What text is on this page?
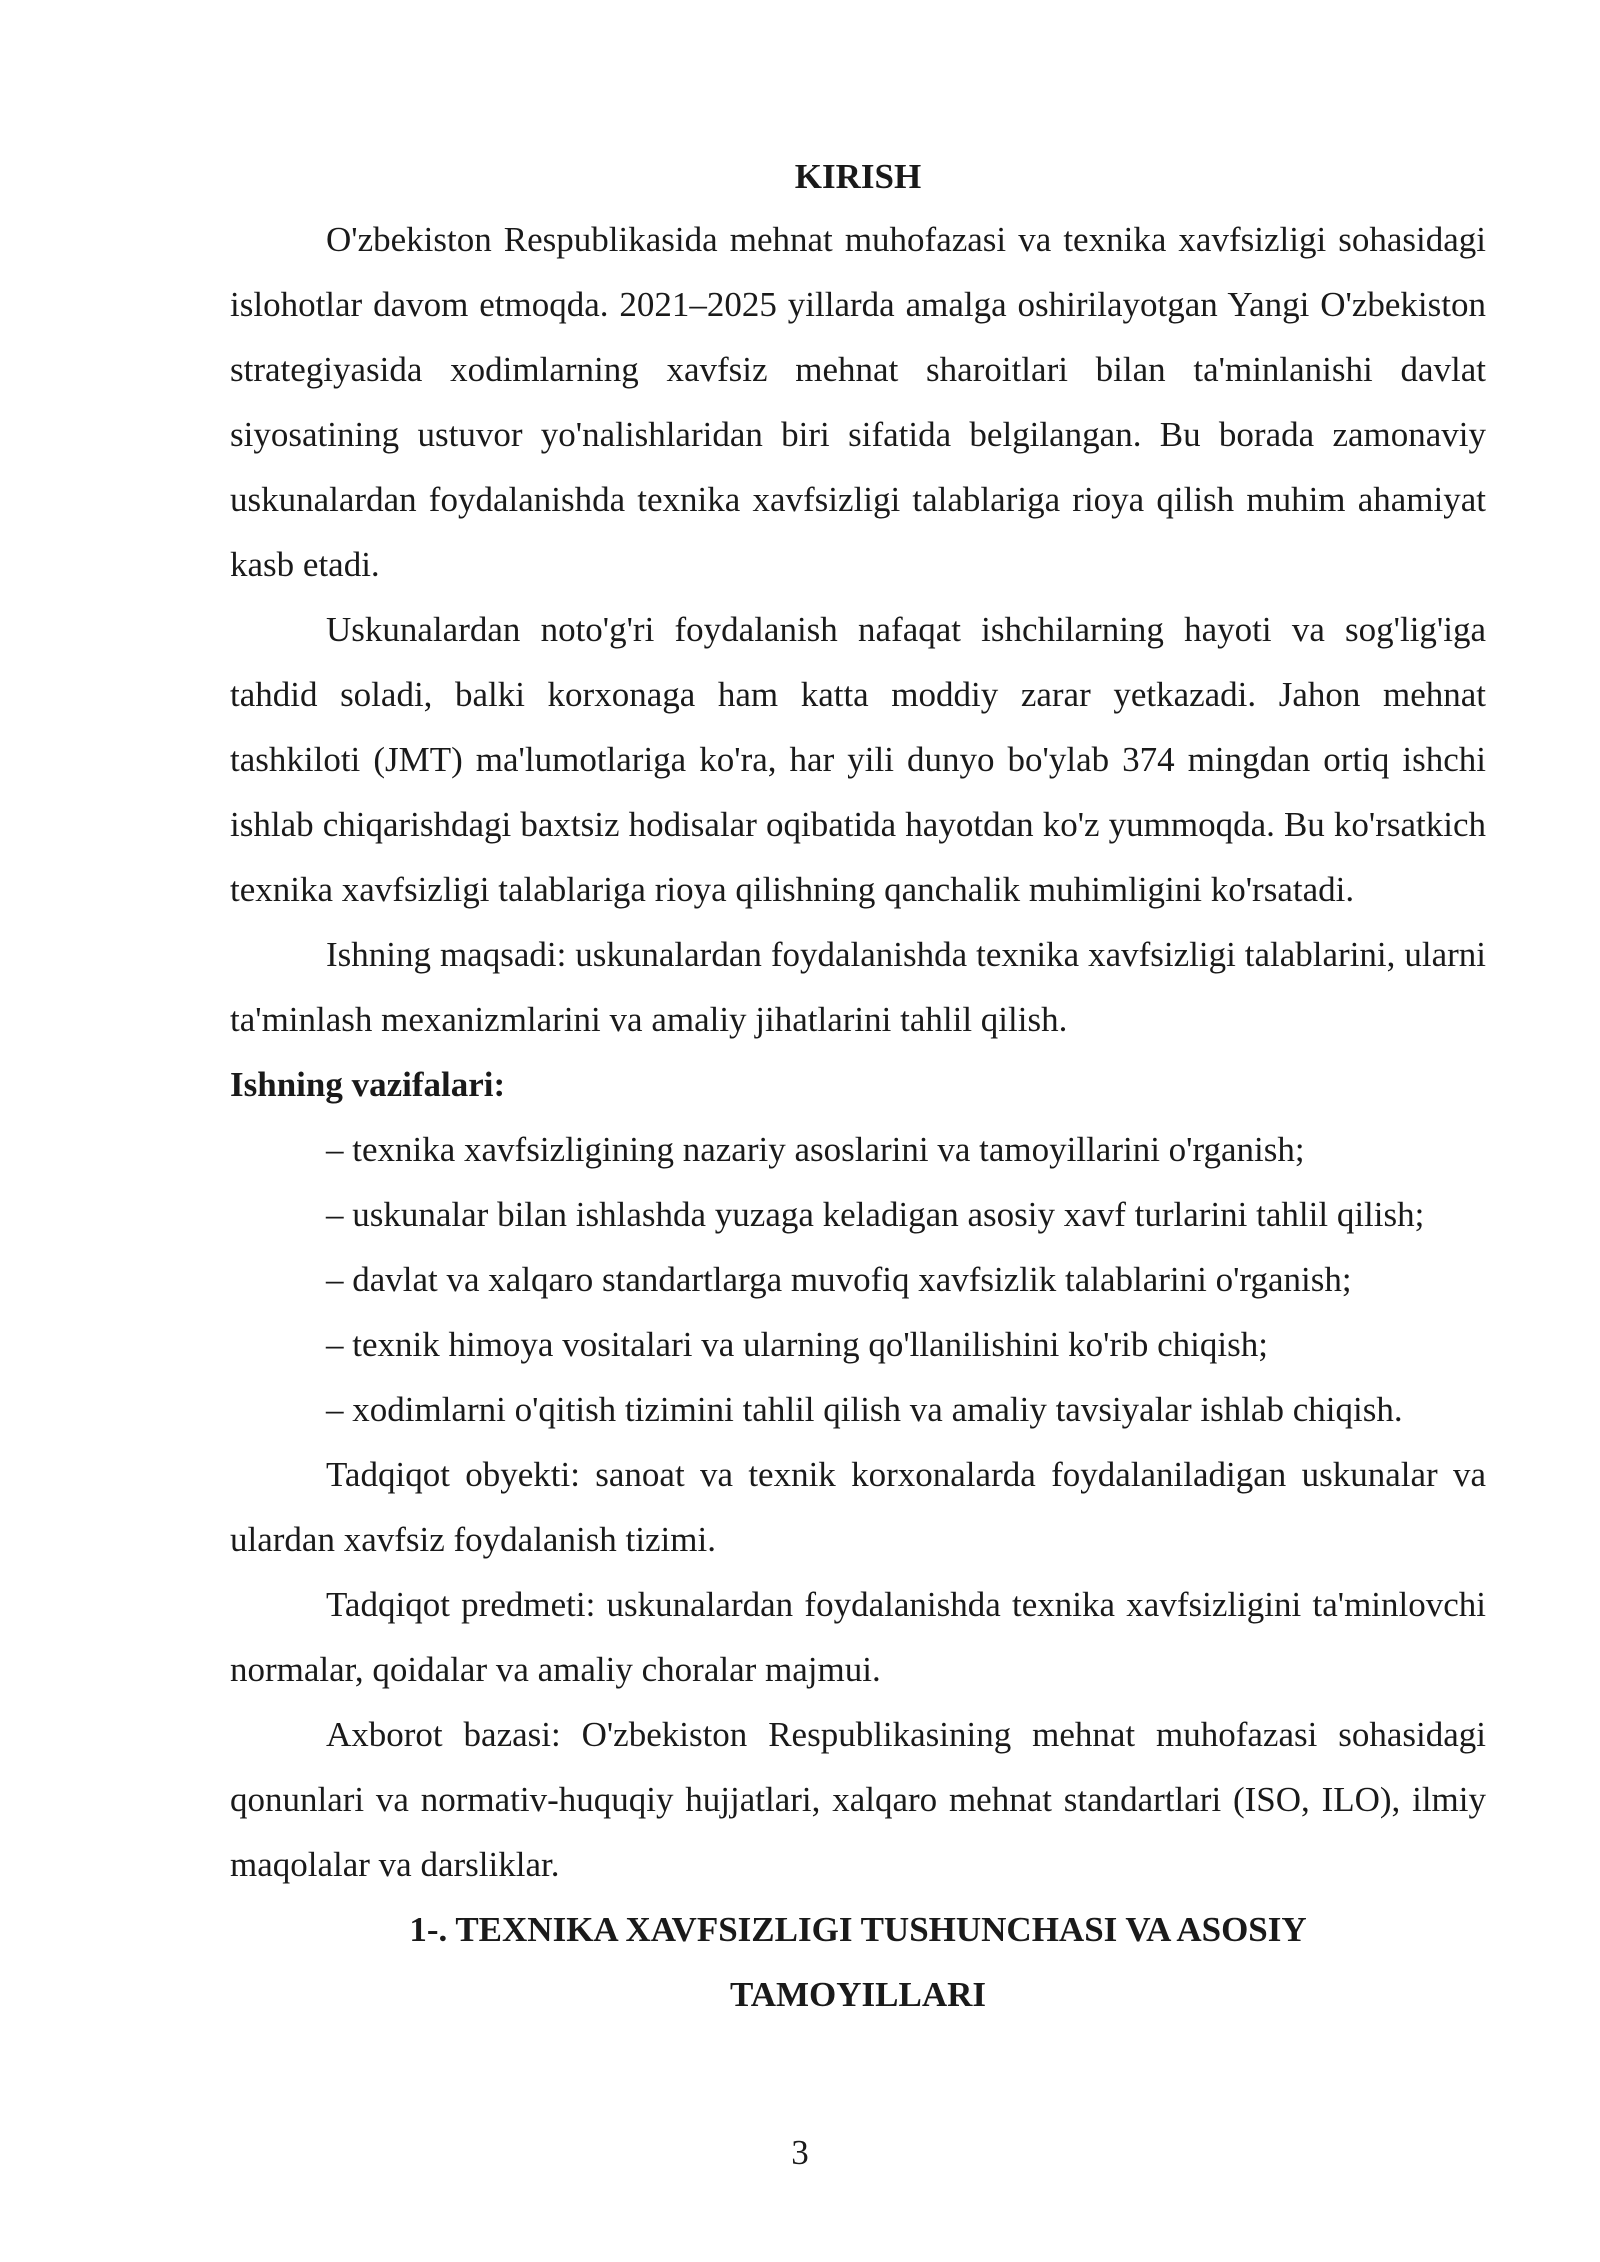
KIRISH

O'zbekiston Respublikasida mehnat muhofazasi va texnika xavfsizligi sohasidagi islohotlar davom etmoqda. 2021–2025 yillarda amalga oshirilayotgan Yangi O'zbekiston strategiyasida xodimlarning xavfsiz mehnat sharoitlari bilan ta'minlanishi davlat siyosatining ustuvor yo'nalishlaridan biri sifatida belgilangan. Bu borada zamonaviy uskunalardan foydalanishda texnika xavfsizligi talablariga rioya qilish muhim ahamiyat kasb etadi.

Uskunalardan noto'g'ri foydalanish nafaqat ishchilarning hayoti va sog'lig'iga tahdid soladi, balki korxonaga ham katta moddiy zarar yetkazadi. Jahon mehnat tashkiloti (JMT) ma'lumotlariga ko'ra, har yili dunyo bo'ylab 374 mingdan ortiq ishchi ishlab chiqarishdagi baxtsiz hodisalar oqibatida hayotdan ko'z yummoqda. Bu ko'rsatkich texnika xavfsizligi talablariga rioya qilishning qanchalik muhimligini ko'rsatadi.

Ishning maqsadi: uskunalardan foydalanishda texnika xavfsizligi talablarini, ularni ta'minlash mexanizmlarini va amaliy jihatlarini tahlil qilish.

Ishning vazifalari:

– texnika xavfsizligining nazariy asoslarini va tamoyillarini o'rganish;

– uskunalar bilan ishlashda yuzaga keladigan asosiy xavf turlarini tahlil qilish;

– davlat va xalqaro standartlarga muvofiq xavfsizlik talablarini o'rganish;

– texnik himoya vositalari va ularning qo'llanilishini ko'rib chiqish;

– xodimlarni o'qitish tizimini tahlil qilish va amaliy tavsiyalar ishlab chiqish.

Tadqiqot obyekti: sanoat va texnik korxonalarda foydalaniladigan uskunalar va ulardan xavfsiz foydalanish tizimi.

Tadqiqot predmeti: uskunalardan foydalanishda texnika xavfsizligini ta'minlovchi normalar, qoidalar va amaliy choralar majmui.

Axborot bazasi: O'zbekiston Respublikasining mehnat muhofazasi sohasidagi qonunlari va normativ-huquqiy hujjatlari, xalqaro mehnat standartlari (ISO, ILO), ilmiy maqolalar va darsliklar.

1-. TEXNIKA XAVFSIZLIGI TUSHUNCHASI VA ASOSIY

TAMOYILLARI

3
